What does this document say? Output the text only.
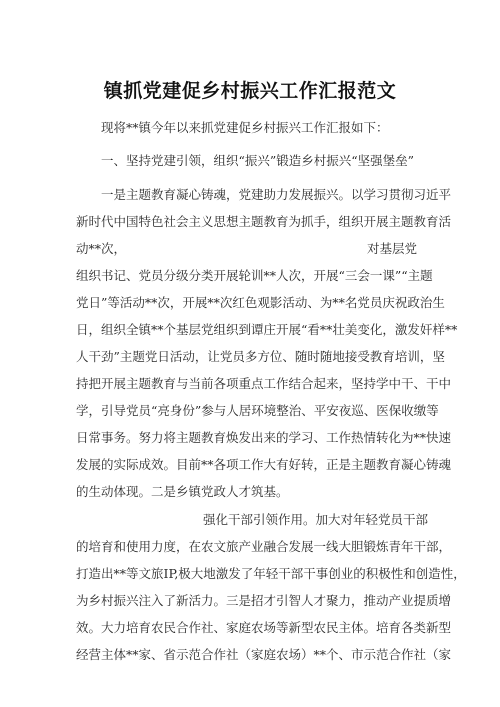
镇抓党建促乡村振兴工作汇报范文
现将**镇今年以来抓党建促乡村振兴工作汇报如下：
一、坚持党建引领，组织“振兴”锻造乡村振兴“坚强堡垒”
一是主题教育凝心铸魂，党建助力发展振兴。以学习贯彻习近平
新时代中国特色社会主义思想主题教育为抓手，组织开展主题教育活
动**次，	对基层党
组织书记、党员分级分类开展轮训**人次，开展“三会一课”“主题
党日”等活动**次，开展**次红色观影活动、为**名党员庆祝政治生
日，组织全镇**个基层党组织到谭庄开展“看**壮美变化，激发奸样**
人干劲”主题党日活动，让党员多方位、随时随地接受教育培训，坚
持把开展主题教育与当前各项重点工作结合起来，坚持学中干、干中
学，引导党员“亮身份”参与人居环境整治、平安夜巡、医保收缴等
日常事务。努力将主题教育焕发出来的学习、工作热情转化为**快速
发展的实际成效。目前**各项工作大有好转，正是主题教育凝心铸魂
的生动体现。二是乡镇党政人才筑基。
强化干部引领作用。加大对年轻党员干部
的培育和使用力度，在农文旅产业融合发展一线大胆锻炼青年干部，
打造出**等文旅IP,极大地激发了年轻干部干事创业的积极性和创造性，
为乡村振兴注入了新活力。三是招才引智人才聚力，推动产业提质增
效。大力培育农民合作社、家庭农场等新型农民主体。培育各类新型
经营主体**家、省示范合作社（家庭农场）**个、市示范合作社（家
